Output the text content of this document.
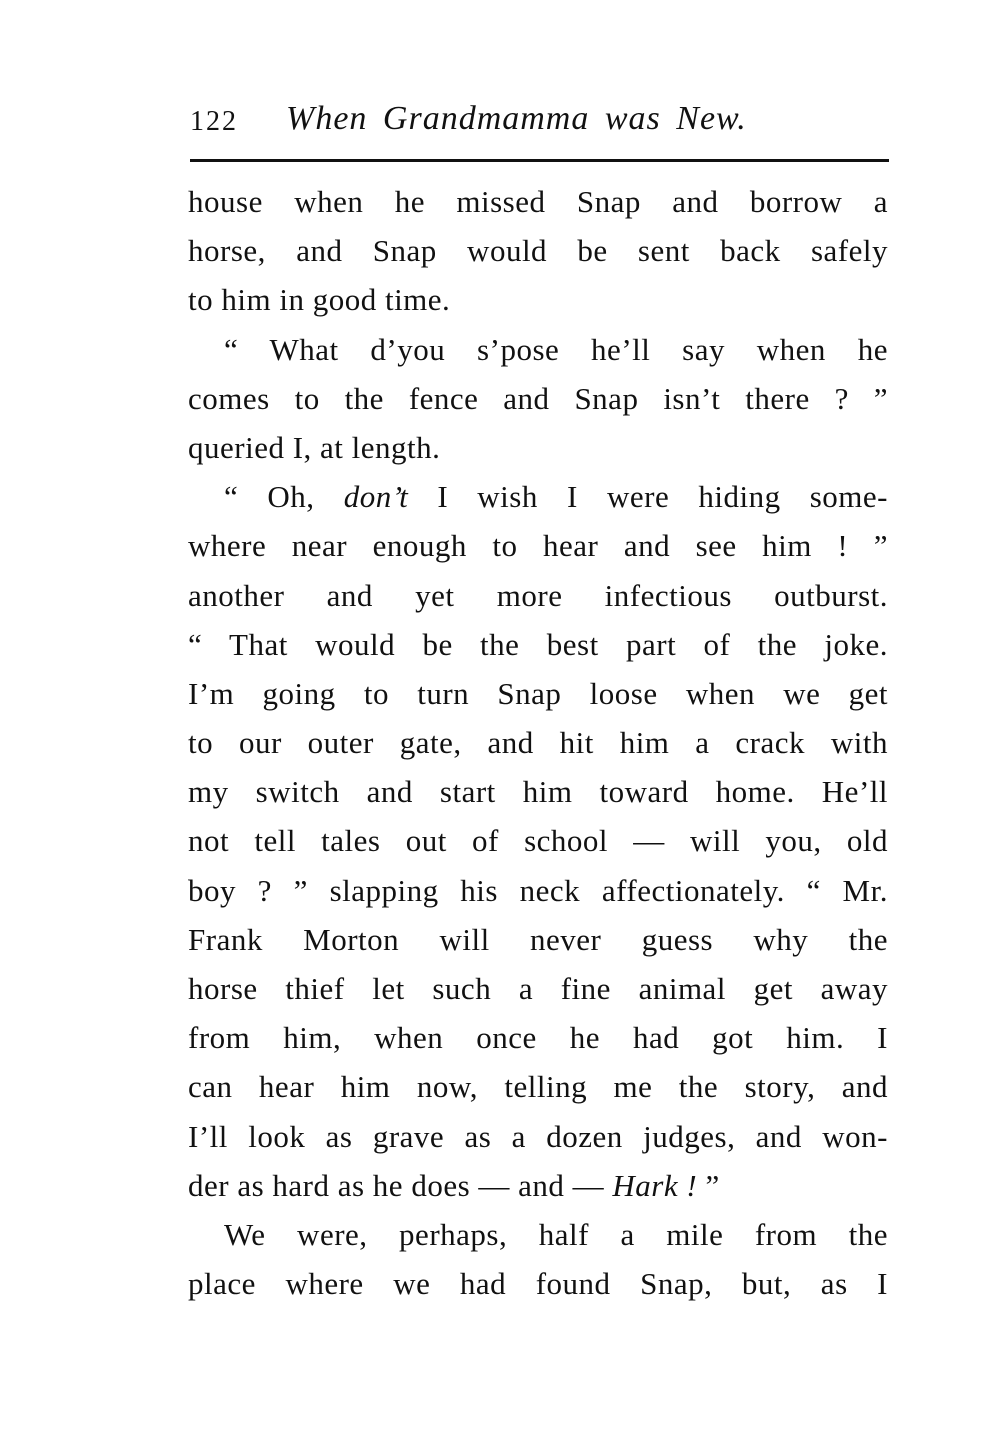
122 When Grandmamma was New.
house when he missed Snap and borrow a
horse, and Snap would be sent back safely
to him in good time.
“ What d’you s’pose he’ll say when he
comes to the fence and Snap isn’t there ? ”
queried I, at length.
“ Oh, don’t I wish I were hiding some-
where near enough to hear and see him ! ”
another and yet more infectious outburst.
“ That would be the best part of the joke.
I’m going to turn Snap loose when we get
to our outer gate, and hit him a crack with
my switch and start him toward home. He’ll
not tell tales out of school — will you, old
boy ? ” slapping his neck affectionately. “ Mr.
Frank Morton will never guess why the
horse thief let such a fine animal get away
from him, when once he had got him. I
can hear him now, telling me the story, and
I’ll look as grave as a dozen judges, and won-
der as hard as he does — and — Hark ! ”
We were, perhaps, half a mile from the
place where we had found Snap, but, as I
